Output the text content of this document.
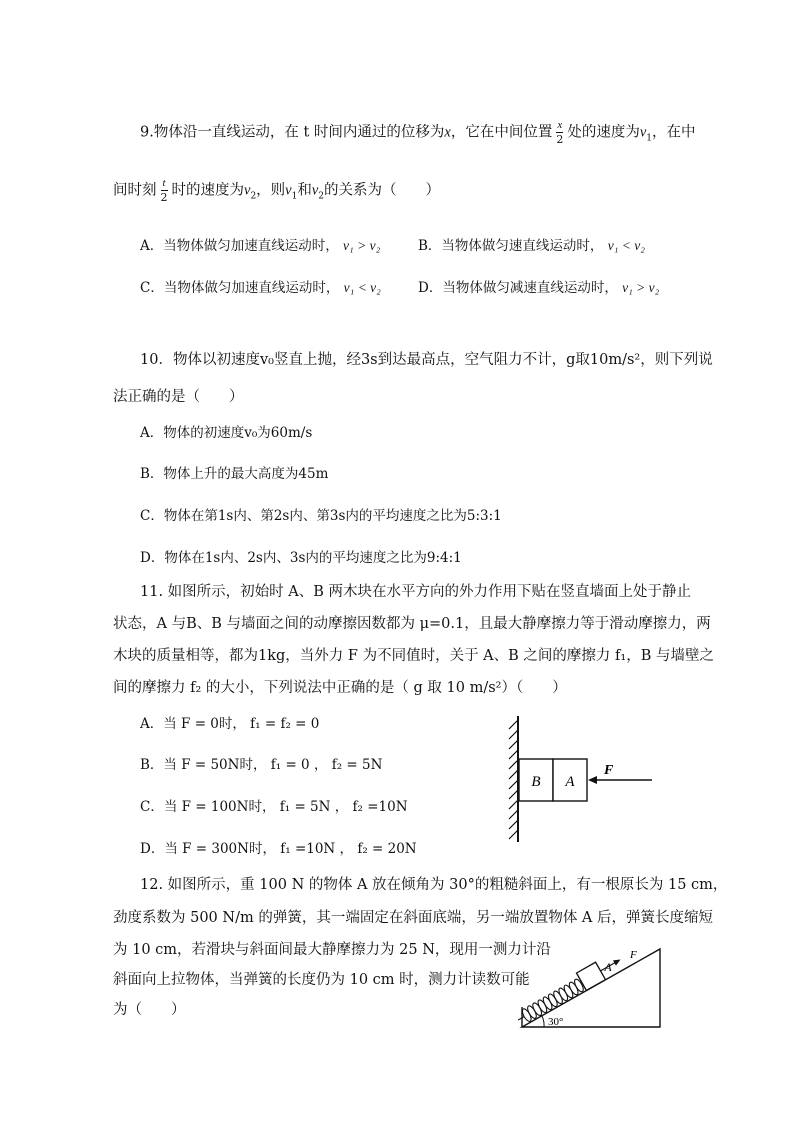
9.物体沿一直线运动，在 t 时间内通过的位移为x，它在中间位置 $\frac{x}{2}$ 处的速度为$v_1$，在中
间时刻 $\frac{t}{2}$ 时的速度为$v_2$，则$v_1$和$v_2$的关系为（　　）
A．当物体做匀加速直线运动时， v₁ > v₂	B．当物体做匀速直线运动时， v₁ < v₂
C．当物体做匀加速直线运动时， v₁ < v₂	D．当物体做匀减速直线运动时， v₁ > v₂
10．物体以初速度v₀竖直上抛，经3s到达最高点，空气阻力不计，g取10m/s²，则下列说
法正确的是（　　）
A．物体的初速度v₀为60m/s
B．物体上升的最大高度为45m
C．物体在第1s内、第2s内、第3s内的平均速度之比为5:3:1
D．物体在1s内、2s内、3s内的平均速度之比为9:4:1
11. 如图所示，初始时 A、B 两木块在水平方向的外力作用下贴在竖直墙面上处于静止
状态，A 与B、B 与墙面之间的动摩擦因数都为 μ=0.1，且最大静摩擦力等于滑动摩擦力，两
木块的质量相等，都为1kg，当外力 F 为不同值时，关于 A、B 之间的摩擦力 f₁，B 与墙壁之
间的摩擦力 f₂ 的大小，下列说法中正确的是（ g 取 10 m/s²）（　　）
A．当 F = 0时， f₁ = f₂ = 0
B．当 F = 50N时， f₁ = 0 ， f₂ = 5N
C．当 F = 100N时， f₁ = 5N ， f₂ =10N
D．当 F = 300N时， f₁ =10N ， f₂ = 20N
B A
F
12. 如图所示，重 100 N 的物体 A 放在倾角为 30°的粗糙斜面上，有一根原长为 15 cm，
劲度系数为 500 N/m 的弹簧，其一端固定在斜面底端，另一端放置物体 A 后，弹簧长度缩短
为 10 cm，若滑块与斜面间最大静摩擦力为 25 N，现用一测力计沿
斜面向上拉物体，当弹簧的长度仍为 10 cm 时，测力计读数可能
为（　　）
A
F
30°
